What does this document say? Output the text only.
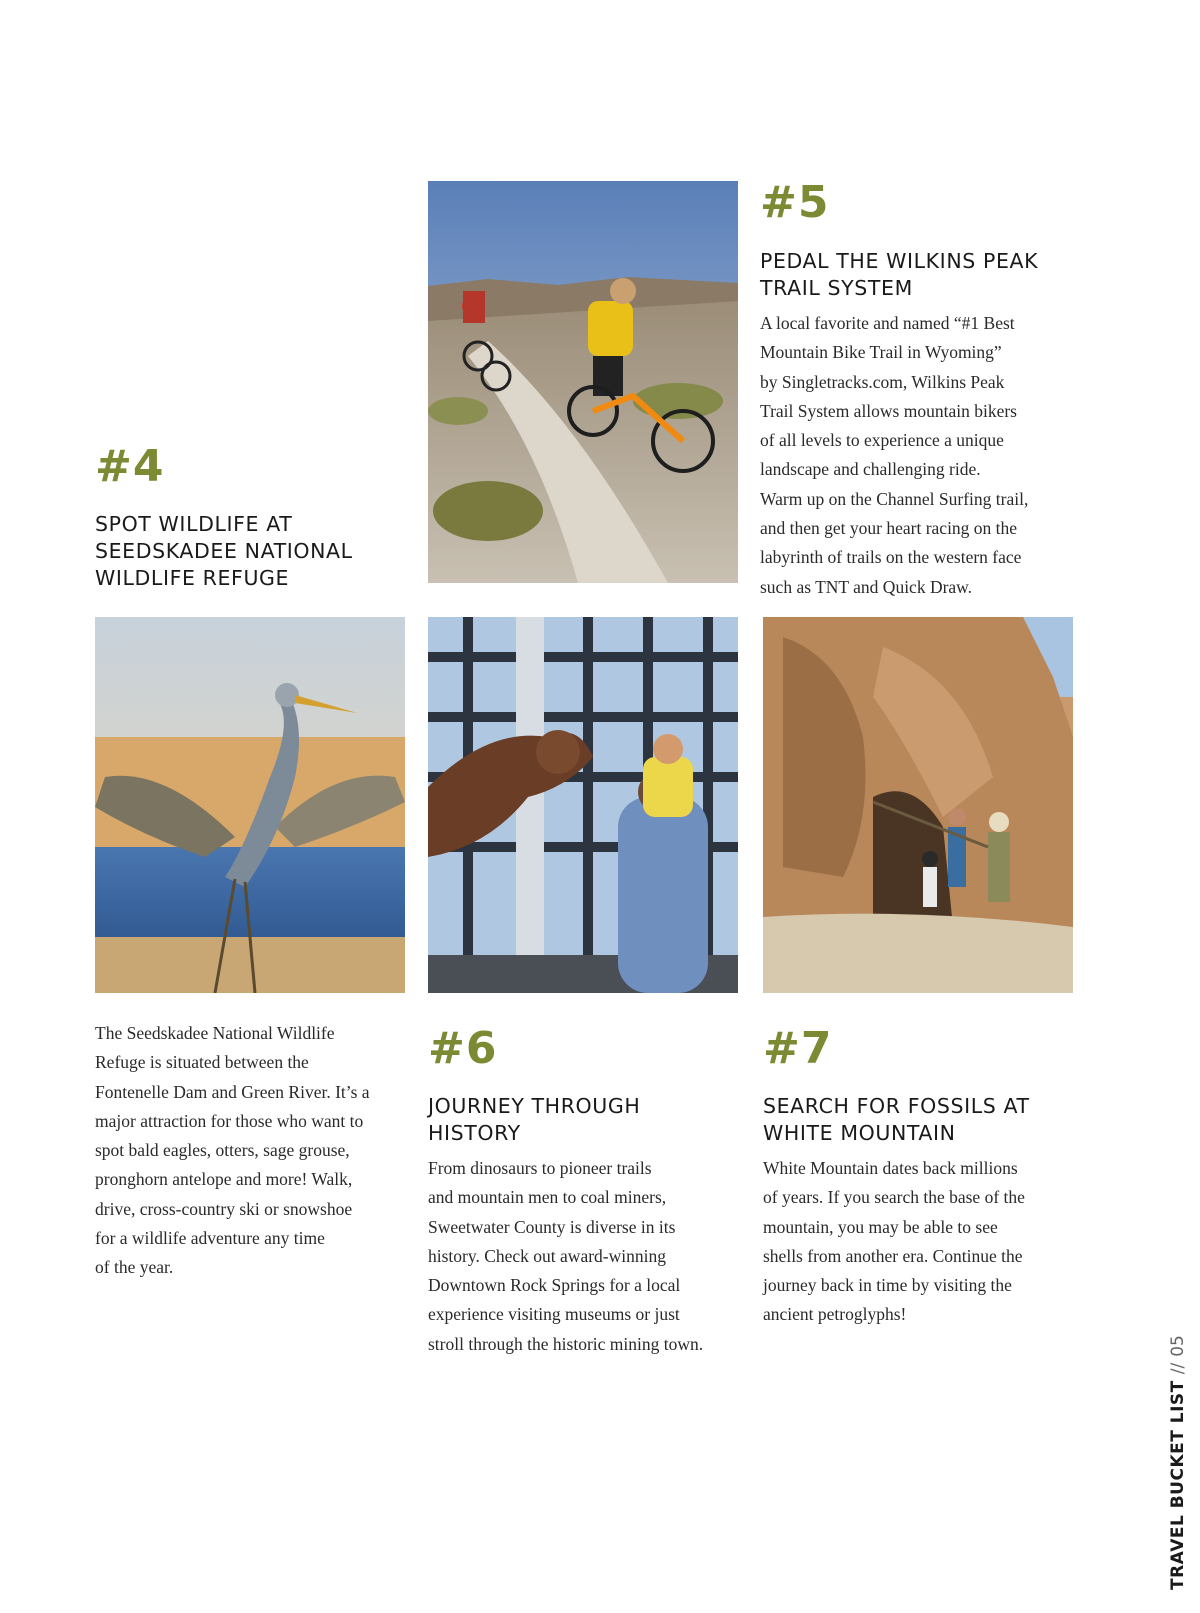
#4
SPOT WILDLIFE AT
SEEDSKADEE NATIONAL
WILDLIFE REFUGE
#5
PEDAL THE WILKINS PEAK
TRAIL SYSTEM
A local favorite and named “#1 Best
Mountain Bike Trail in Wyoming”
by Singletracks.com, Wilkins Peak
Trail System allows mountain bikers
of all levels to experience a unique
landscape and challenging ride.
Warm up on the Channel Surfing trail,
and then get your heart racing on the
labyrinth of trails on the western face
such as TNT and Quick Draw.
The Seedskadee National Wildlife
Refuge is situated between the
Fontenelle Dam and Green River. It’s a
major attraction for those who want to
spot bald eagles, otters, sage grouse,
pronghorn antelope and more! Walk,
drive, cross-country ski or snowshoe
for a wildlife adventure any time
of the year.
#6
JOURNEY THROUGH
HISTORY
From dinosaurs to pioneer trails
and mountain men to coal miners,
Sweetwater County is diverse in its
history. Check out award-winning
Downtown Rock Springs for a local
experience visiting museums or just
stroll through the historic mining town.
#7
SEARCH FOR FOSSILS AT
WHITE MOUNTAIN
White Mountain dates back millions
of years. If you search the base of the
mountain, you may be able to see
shells from another era. Continue the
journey back in time by visiting the
ancient petroglyphs!
TRAVEL BUCKET LIST//05
